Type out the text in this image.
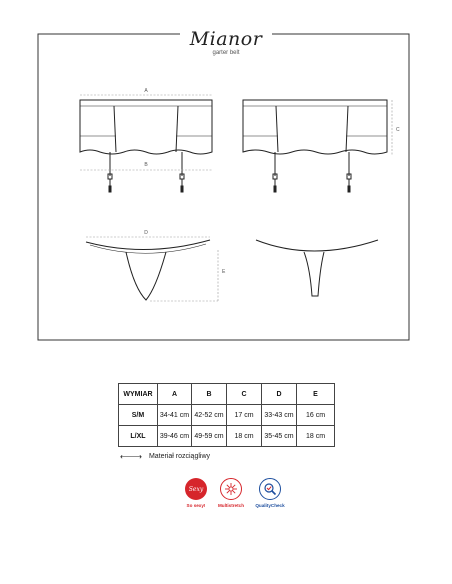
A
B
C
D
E
Mianor
garter belt
WYMIAR	A	B	C	D	E
S/M	34-41 cm	42-52 cm	17 cm	33-43 cm	16 cm
L/XL	39-46 cm	49-59 cm	18 cm	35-45 cm	18 cm
⟵⟶ Materiał rozciągliwy
Sexy
So sexy!	Multistretch	QualityCheck
